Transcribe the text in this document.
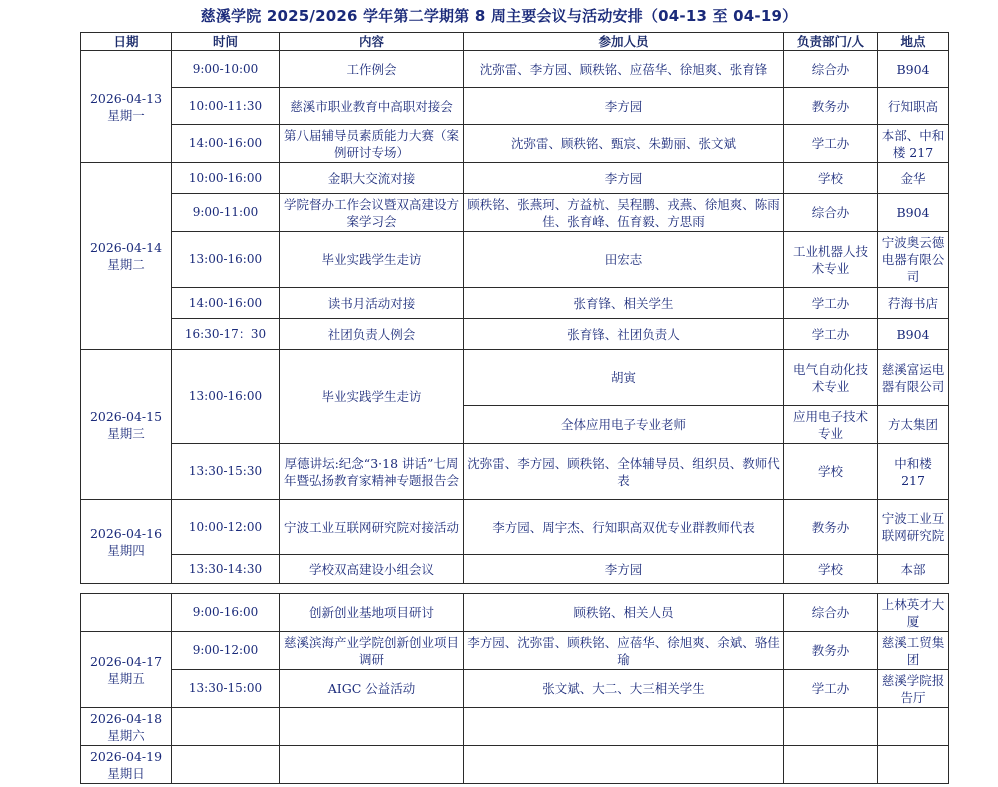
慈溪学院 2025/2026 学年第二学期第 8 周主要会议与活动安排（04-13 至 04-19）
日期	时间	内容	参加人员	负责部门/人	地点

2026-04-13
星期一	9:00-10:00	工作例会	沈弥雷、李方园、顾秩铭、应蓓华、徐旭爽、张育锋	综合办	B904
	10:00-11:30	慈溪市职业教育中高职对接会	李方园	教务办	行知职高
	14:00-16:00	第八届辅导员素质能力大赛（案例研讨专场）	沈弥雷、顾秩铭、甄宸、朱勤丽、张文斌	学工办	本部、中和楼 217

2026-04-14
星期二	10:00-16:00	金职大交流对接	李方园	学校	金华
	9:00-11:00	学院督办工作会议暨双高建设方案学习会	顾秩铭、张燕珂、方益杭、吴程鹏、戎燕、徐旭爽、陈雨佳、张育峰、伍育毅、方思雨	综合办	B904
	13:00-16:00	毕业实践学生走访	田宏志	工业机器人技术专业	宁波奥云德电器有限公司
	14:00-16:00	读书月活动对接	张育锋、相关学生	学工办	荇海书店
	16:30-17：30	社团负责人例会	张育锋、社团负责人	学工办	B904

2026-04-15
星期三	13:00-16:00	毕业实践学生走访	胡寅	电气自动化技术专业	慈溪富运电器有限公司
			全体应用电子专业老师	应用电子技术专业	方太集团
	13:30-15:30	厚德讲坛:纪念“3·18 讲话”七周年暨弘扬教育家精神专题报告会	沈弥雷、李方园、顾秩铭、全体辅导员、组织员、教师代表	学校	中和楼 217

2026-04-16
星期四	10:00-12:00	宁波工业互联网研究院对接活动	李方园、周宇杰、行知职高双优专业群教师代表	教务办	宁波工业互联网研究院
	13:30-14:30	学校双高建设小组会议	李方园	学校	本部
	9:00-16:00	创新创业基地项目研讨	顾秩铭、相关人员	综合办	上林英才大厦

2026-04-17
星期五	9:00-12:00	慈溪滨海产业学院创新创业项目调研	李方园、沈弥雷、顾秩铭、应蓓华、徐旭爽、余斌、骆佳瑜	教务办	慈溪工贸集团
	13:30-15:00	AIGC 公益活动	张文斌、大二、大三相关学生	学工办	慈溪学院报告厅

2026-04-18
星期六					

2026-04-19
星期日					
